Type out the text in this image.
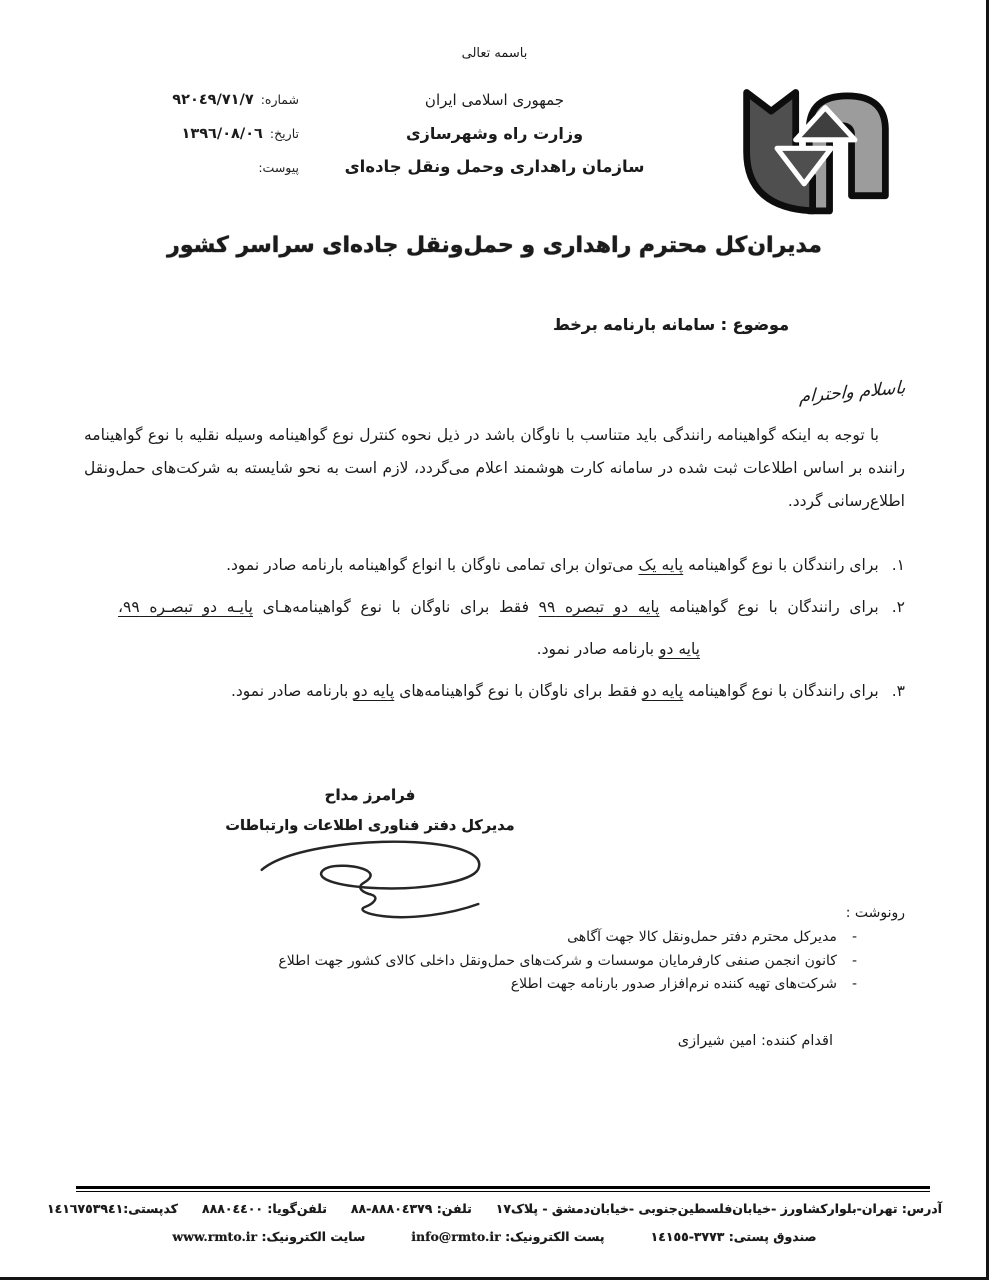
باسمه تعالی
جمهوری اسلامی ایران
وزارت راه وشهرسازی
سازمان راهداری وحمل ونقل جاده‌ای
شماره:
٩٢٠٤٩/٧١/٧
تاریخ:
١٣٩٦/٠٨/٠٦
پیوست:
مدیران‌کل محترم راهداری و حمل‌ونقل جاده‌ای سراسر کشور
موضوع : سامانه بارنامه برخط
باسلام واحترام
با توجه به اینکه گواهینامه رانندگی باید متناسب با ناوگان باشد در ذیل نحوه کنترل نوع گواهینامه وسیله نقلیه با نوع گواهینامه راننده بر اساس اطلاعات ثبت شده در سامانه کارت هوشمند اعلام می‌گردد، لازم است به نحو شایسته به شرکت‌های حمل‌ونقل اطلاع‌رسانی گردد.
١.برای رانندگان با نوع گواهینامه پایه یک می‌توان برای تمامی ناوگان با انواع گواهینامه بارنامه صادر نمود.
٢.برای رانندگان با نوع گواهینامه پایه دو تبصره ٩٩ فقط برای ناوگان با نوع گواهینامه‌هـای پایـه دو تبصـره ٩٩،
پایه دو بارنامه صادر نمود.
٣.برای رانندگان با نوع گواهینامه پایه دو فقط برای ناوگان با نوع گواهینامه‌های پایه دو بارنامه صادر نمود.
فرامرز مداح
مدیرکل دفتر فناوری اطلاعات وارتباطات
رونوشت :
-
مدیرکل محترم دفتر حمل‌ونقل کالا جهت آگاهی
-
کانون انجمن صنفی کارفرمایان موسسات و شرکت‌های حمل‌ونقل داخلی کالای کشور جهت اطلاع
-
شرکت‌های تهیه کننده نرم‌افزار صدور بارنامه جهت اطلاع
اقدام کننده: امین شیرازی
آدرس: تهران-بلوارکشاورز -خیابان‌فلسطین‌جنوبی -خیابان‌دمشق - پلاک١٧
تلفن: ٨٨‎-‎٨٨٨٠٤٣٧٩
تلفن‌گویا: ٨٨٨٠٤٤٠٠
کدپستی:١٤١٦٧٥٣٩٤١
صندوق پستی: ١٤١٥٥‎-‎٣٧٧٣
پست الکترونیک: info@rmto.ir
سایت الکترونیک: www.rmto.ir
